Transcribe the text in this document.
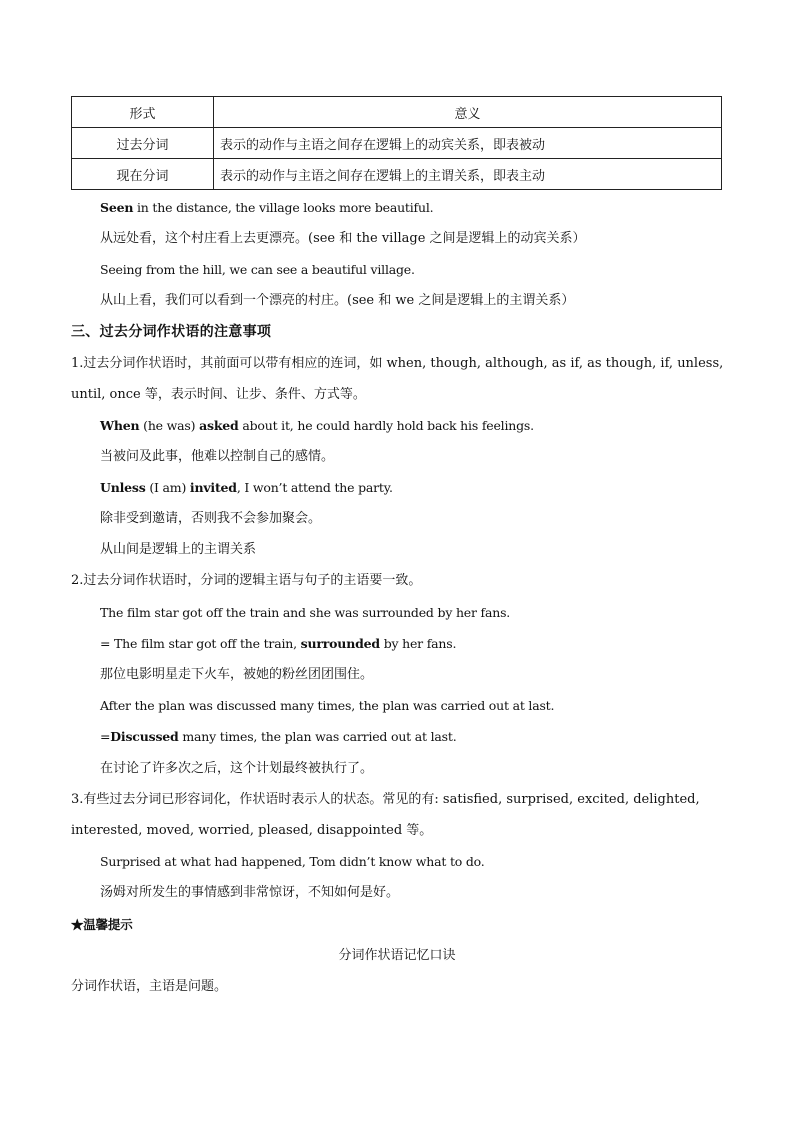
形式	意义
过去分词	表示的动作与主语之间存在逻辑上的动宾关系，即表被动
现在分词	表示的动作与主语之间存在逻辑上的主谓关系，即表主动
Seen in the distance, the village looks more beautiful.
从远处看，这个村庄看上去更漂亮。(see 和 the village 之间是逻辑上的动宾关系）
Seeing from the hill, we can see a beautiful village.
从山上看，我们可以看到一个漂亮的村庄。(see 和 we 之间是逻辑上的主谓关系）
三、过去分词作状语的注意事项
1.过去分词作状语时，其前面可以带有相应的连词，如 when, though, although, as if, as though, if, unless,
until, once 等，表示时间、让步、条件、方式等。
When (he was) asked about it, he could hardly hold back his feelings.
当被问及此事，他难以控制自己的感情。
Unless (I am) invited, I won’t attend the party.
除非受到邀请，否则我不会参加聚会。
从山间是逻辑上的主谓关系
2.过去分词作状语时，分词的逻辑主语与句子的主语要一致。
The film star got off the train and she was surrounded by her fans.
= The film star got off the train, surrounded by her fans.
那位电影明星走下火车，被她的粉丝团团围住。
After the plan was discussed many times, the plan was carried out at last.
=Discussed many times, the plan was carried out at last.
在讨论了许多次之后，这个计划最终被执行了。
3.有些过去分词已形容词化，作状语时表示人的状态。常见的有: satisfied, surprised, excited, delighted,
interested, moved, worried, pleased, disappointed 等。
Surprised at what had happened, Tom didn’t know what to do.
汤姆对所发生的事情感到非常惊讶，不知如何是好。
★温馨提示
分词作状语记忆口诀
分词作状语，主语是问题。
